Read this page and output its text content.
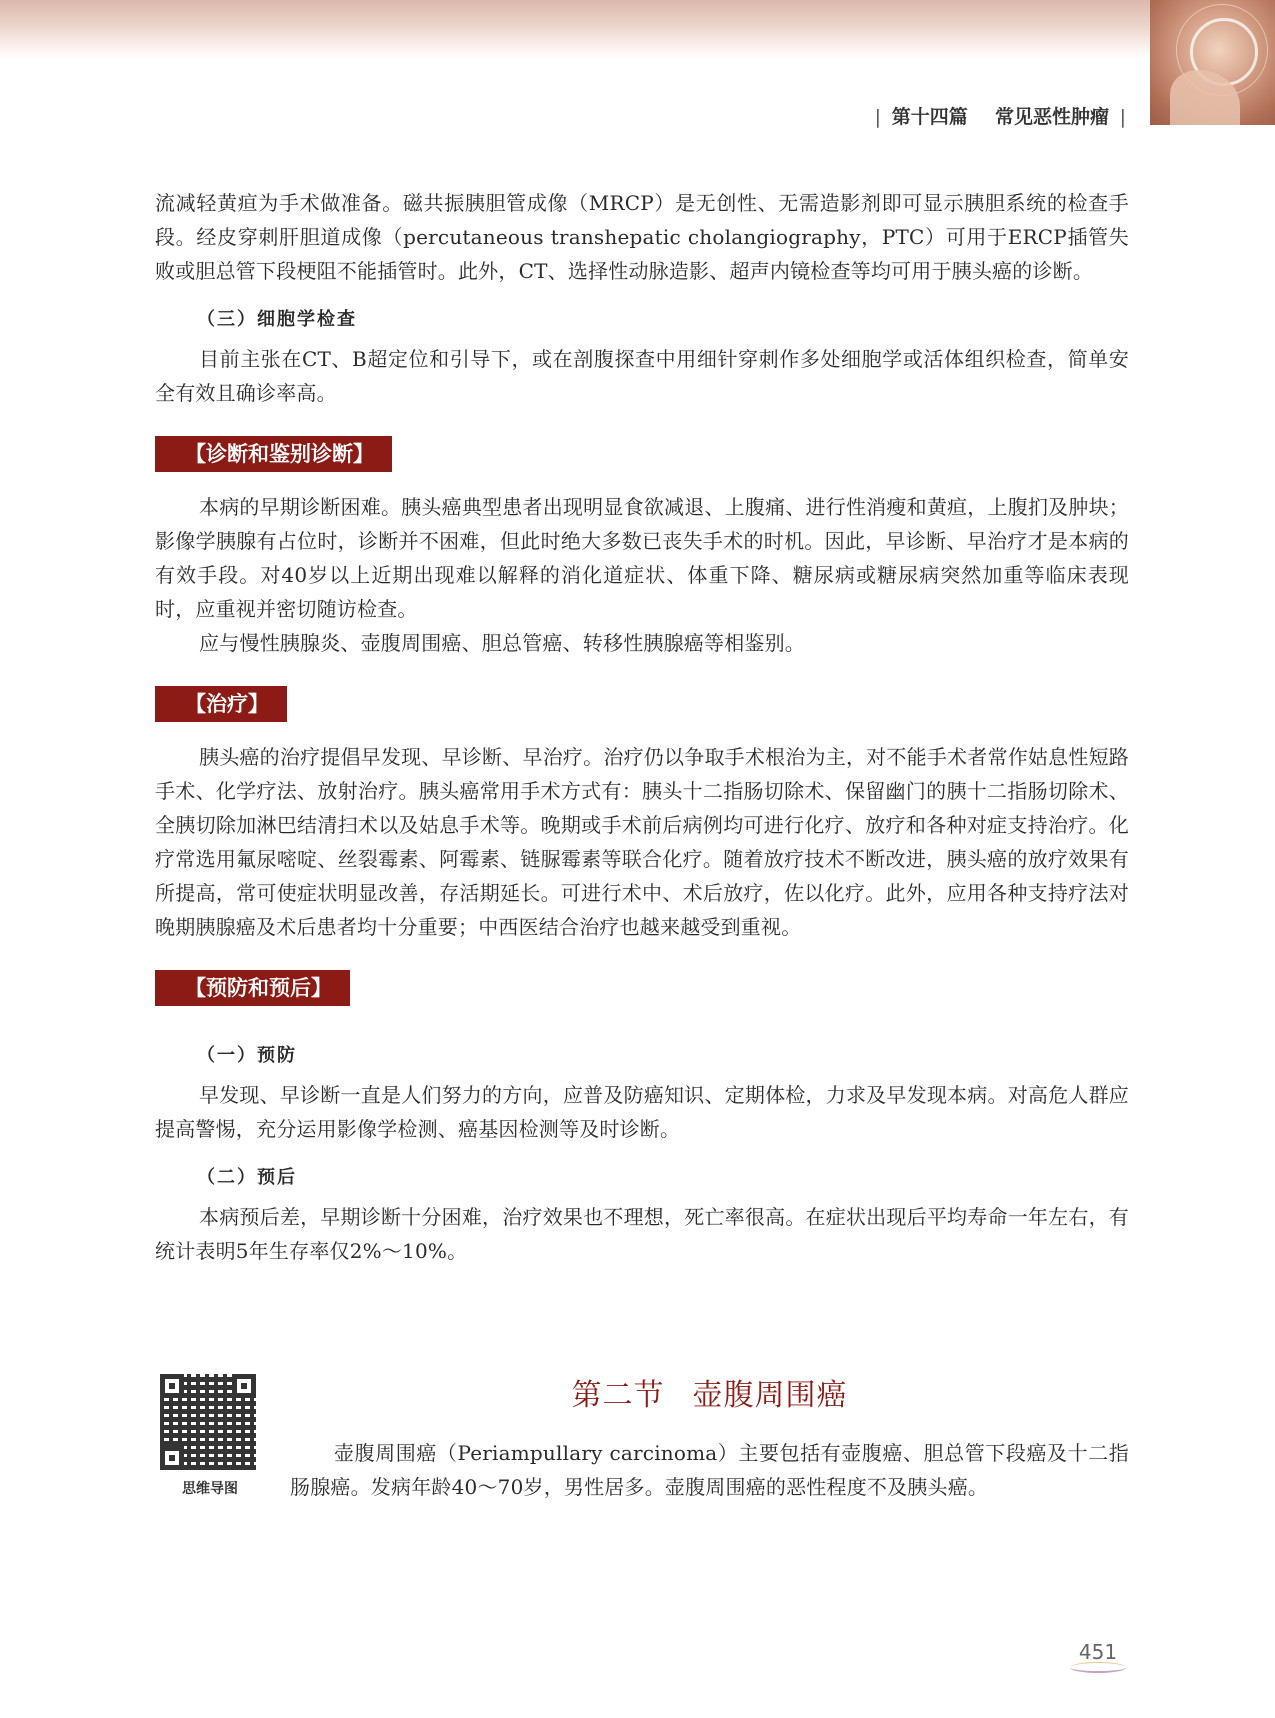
| 第十四篇 常见恶性肿瘤 |

流减轻黄疸为手术做准备。磁共振胰胆管成像（MRCP）是无创性、无需造影剂即可显示胰胆系统的检查手段。经皮穿刺肝胆道成像（percutaneous transhepatic cholangiography，PTC）可用于ERCP插管失败或胆总管下段梗阻不能插管时。此外，CT、选择性动脉造影、超声内镜检查等均可用于胰头癌的诊断。

（三）细胞学检查

目前主张在CT、B超定位和引导下，或在剖腹探查中用细针穿刺作多处细胞学或活体组织检查，简单安全有效且确诊率高。

【诊断和鉴别诊断】

本病的早期诊断困难。胰头癌典型患者出现明显食欲减退、上腹痛、进行性消瘦和黄疸，上腹扪及肿块；影像学胰腺有占位时，诊断并不困难，但此时绝大多数已丧失手术的时机。因此，早诊断、早治疗才是本病的有效手段。对40岁以上近期出现难以解释的消化道症状、体重下降、糖尿病或糖尿病突然加重等临床表现时，应重视并密切随访检查。

应与慢性胰腺炎、壶腹周围癌、胆总管癌、转移性胰腺癌等相鉴别。

【治疗】

胰头癌的治疗提倡早发现、早诊断、早治疗。治疗仍以争取手术根治为主，对不能手术者常作姑息性短路手术、化学疗法、放射治疗。胰头癌常用手术方式有：胰头十二指肠切除术、保留幽门的胰十二指肠切除术、全胰切除加淋巴结清扫术以及姑息手术等。晚期或手术前后病例均可进行化疗、放疗和各种对症支持治疗。化疗常选用氟尿嘧啶、丝裂霉素、阿霉素、链脲霉素等联合化疗。随着放疗技术不断改进，胰头癌的放疗效果有所提高，常可使症状明显改善，存活期延长。可进行术中、术后放疗，佐以化疗。此外，应用各种支持疗法对晚期胰腺癌及术后患者均十分重要；中西医结合治疗也越来越受到重视。

【预防和预后】
（一）预防

早发现、早诊断一直是人们努力的方向，应普及防癌知识、定期体检，力求及早发现本病。对高危人群应提高警惕，充分运用影像学检测、癌基因检测等及时诊断。

（二）预后

本病预后差，早期诊断十分困难，治疗效果也不理想，死亡率很高。在症状出现后平均寿命一年左右，有统计表明5年生存率仅2%～10%。

思维导图
第二节 壶腹周围癌

壶腹周围癌（Periampullary carcinoma）主要包括有壶腹癌、胆总管下段癌及十二指肠腺癌。发病年龄40～70岁，男性居多。壶腹周围癌的恶性程度不及胰头癌。

451
